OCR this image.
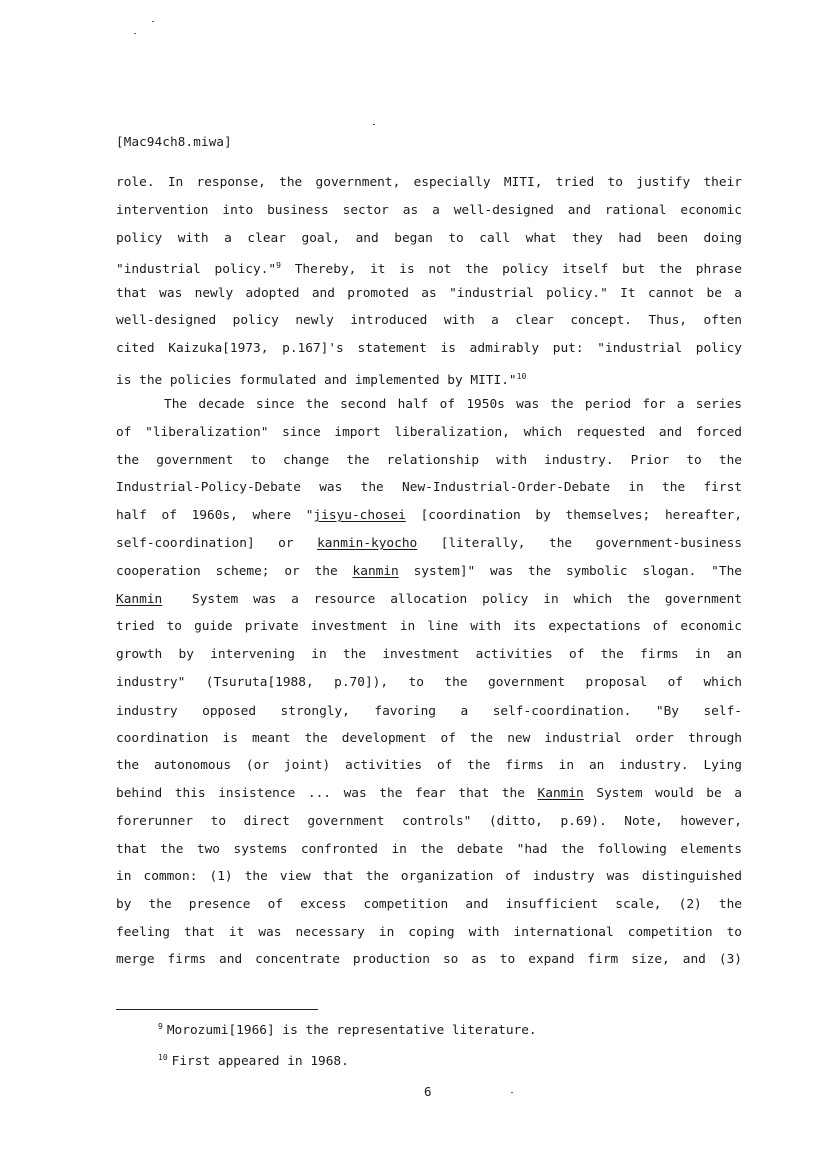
[Mac94ch8.miwa]
role. In response, the government, especially MITI, tried to justify their
intervention into business sector as a well-designed and rational economic
policy with a clear goal, and began to call what they had been doing
"industrial policy."$^9$ Thereby, it is not the policy itself but the phrase
that was newly adopted and promoted as "industrial policy." It cannot be a
well-designed policy newly introduced with a clear concept. Thus, often
cited Kaizuka[1973, p.167]'s statement is admirably put: "industrial policy
is the policies formulated and implemented by MITI."$^{10}$
The decade since the second half of 1950s was the period for a series
of "liberalization" since import liberalization, which requested and forced
the government to change the relationship with industry. Prior to the
Industrial-Policy-Debate was the New-Industrial-Order-Debate in the first
half of 1960s, where "jisyu-chosei [coordination by themselves; hereafter,
self-coordination] or kanmin-kyocho [literally, the government-business
cooperation scheme; or the kanmin system]" was the symbolic slogan. "The
Kanmin System was a resource allocation policy in which the government
tried to guide private investment in line with its expectations of economic
growth by intervening in the investment activities of the firms in an
industry" (Tsuruta[1988, p.70]), to the government proposal of which
industry opposed strongly, favoring a self-coordination. "By self-
coordination is meant the development of the new industrial order through
the autonomous (or joint) activities of the firms in an industry. Lying
behind this insistence ... was the fear that the Kanmin System would be a
forerunner to direct government controls" (ditto, p.69). Note, however,
that the two systems confronted in the debate "had the following elements
in common: (1) the view that the organization of industry was distinguished
by the presence of excess competition and insufficient scale, (2) the
feeling that it was necessary in coping with international competition to
merge firms and concentrate production so as to expand firm size, and (3)
$^9$ Morozumi[1966] is the representative literature.
$^{10}$ First appeared in 1968.
6
